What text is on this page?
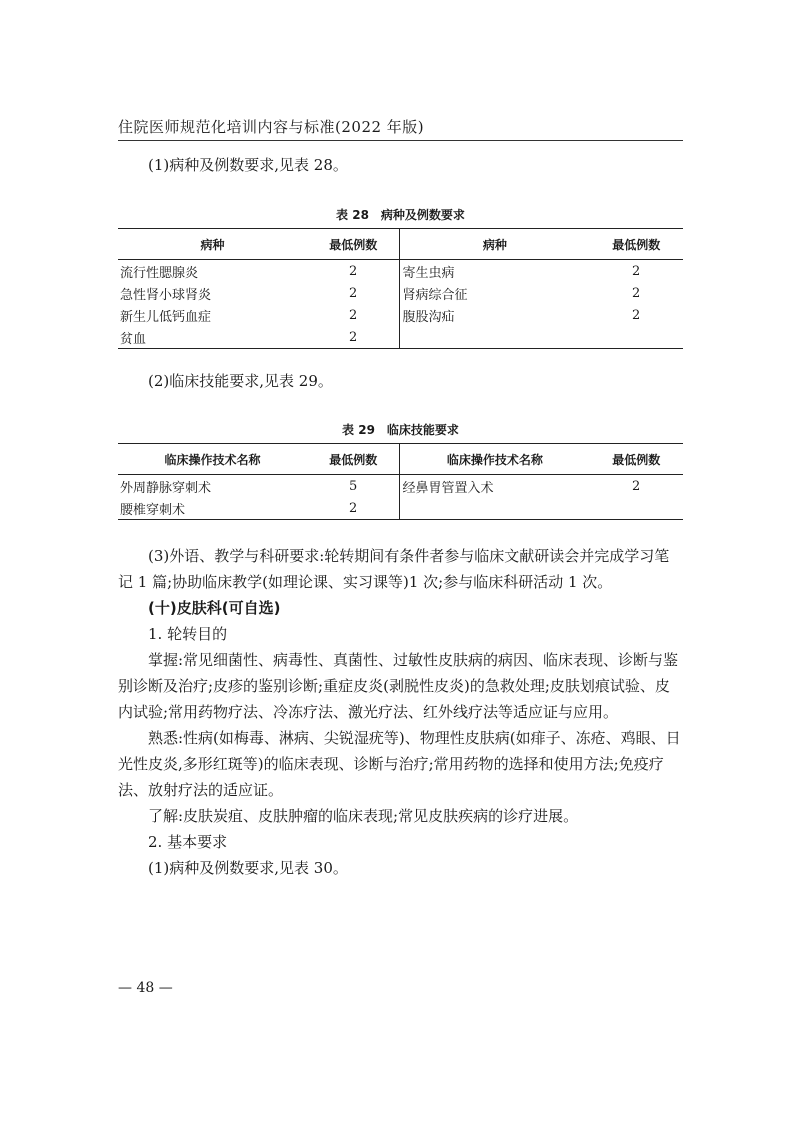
住院医师规范化培训内容与标准(2022 年版)
(1)病种及例数要求,见表 28。
表 28　病种及例数要求
病种	最低例数	病种	最低例数
流行性腮腺炎	2	寄生虫病	2
急性肾小球肾炎	2	肾病综合征	2
新生儿低钙血症	2	腹股沟疝	2
贫血	2		
(2)临床技能要求,见表 29。
表 29　临床技能要求
临床操作技术名称	最低例数	临床操作技术名称	最低例数
外周静脉穿刺术	5	经鼻胃管置入术	2
腰椎穿刺术	2		

(3)外语、教学与科研要求:轮转期间有条件者参与临床文献研读会并完成学习笔记 1 篇;协助临床教学(如理论课、实习课等)1 次;参与临床科研活动 1 次。

(十)皮肤科(可自选)
1. 轮转目的

掌握:常见细菌性、病毒性、真菌性、过敏性皮肤病的病因、临床表现、诊断与鉴别诊断及治疗;皮疹的鉴别诊断;重症皮炎(剥脱性皮炎)的急救处理;皮肤划痕试验、皮内试验;常用药物疗法、冷冻疗法、激光疗法、红外线疗法等适应证与应用。

熟悉:性病(如梅毒、淋病、尖锐湿疣等)、物理性皮肤病(如痱子、冻疮、鸡眼、日光性皮炎,多形红斑等)的临床表现、诊断与治疗;常用药物的选择和使用方法;免疫疗法、放射疗法的适应证。

了解:皮肤炭疽、皮肤肿瘤的临床表现;常见皮肤疾病的诊疗进展。

2. 基本要求
(1)病种及例数要求,见表 30。
— 48 —
